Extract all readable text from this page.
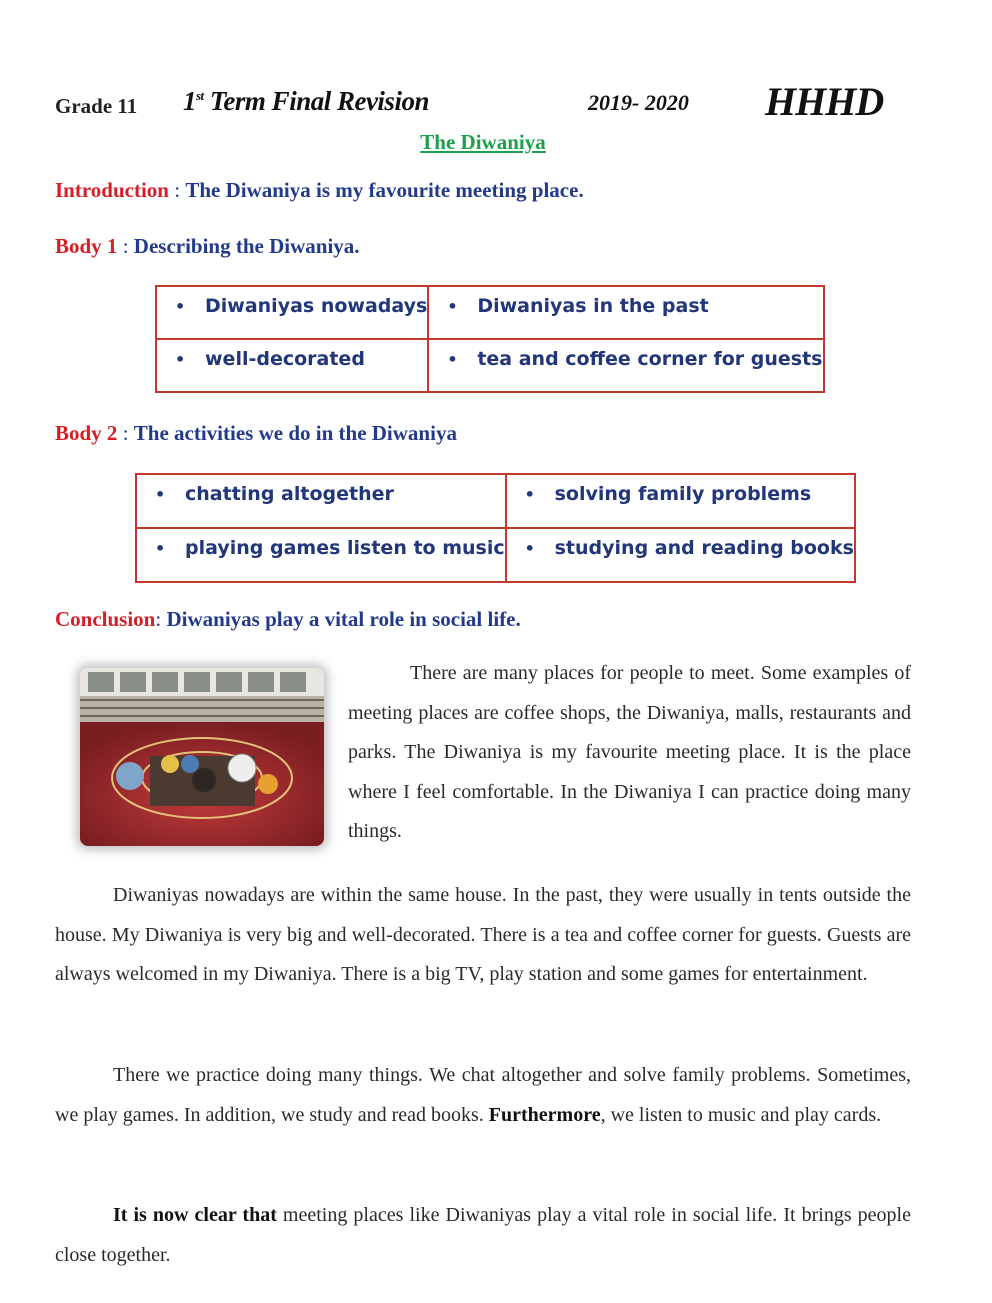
Grade 11 1st Term Final Revision	2019- 2020 HHHD
The Diwaniya
Introduction : The Diwaniya is my favourite meeting place.
Body 1 : Describing the Diwaniya.
• Diwaniyas nowadays	• Diwaniyas in the past
• well-decorated	• tea and coffee corner for guests
Body 2 : The activities we do in the Diwaniya
• chatting altogether	• solving family problems
• playing games listen to music	• studying and reading books
Conclusion: Diwaniyas play a vital role in social life.
There are many places for people to meet. Some examples of meeting places are coffee shops, the Diwaniya, malls, restaurants and parks. The Diwaniya is my favourite meeting place. It is the place where I feel comfortable. In the Diwaniya I can practice doing many things.
Diwaniyas nowadays are within the same house. In the past, they were usually in tents outside the house. My Diwaniya is very big and well-decorated. There is a tea and coffee corner for guests. Guests are always welcomed in my Diwaniya. There is a big TV, play station and some games for entertainment.
There we practice doing many things. We chat altogether and solve family problems. Sometimes, we play games. In addition, we study and read books. Furthermore, we listen to music and play cards.
It is now clear that meeting places like Diwaniyas play a vital role in social life. It brings people close together.
